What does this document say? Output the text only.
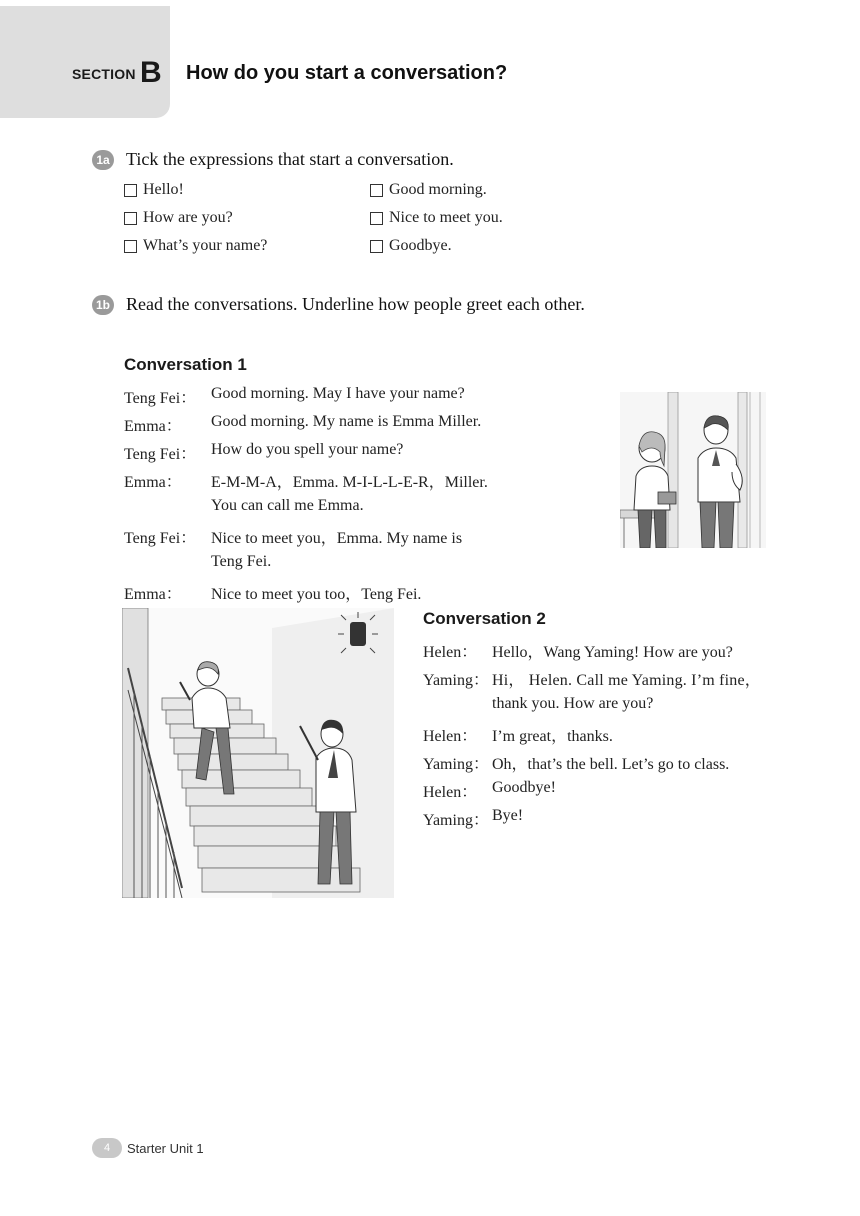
SECTION B How do you start a conversation?
1a Tick the expressions that start a conversation.
Hello!	Good morning.
How are you?	Nice to meet you.
What’s your name?	Goodbye.
1b Read the conversations. Underline how people greet each other.
Conversation 1
Teng Fei： Good morning. May I have your name?
Emma： Good morning. My name is Emma Miller.
Teng Fei： How do you spell your name?
Emma： E-M-M-A，Emma. M-I-L-L-E-R，Miller.
You can call me Emma.
Teng Fei： Nice to meet you，Emma. My name is
Teng Fei.
Emma： Nice to meet you too，Teng Fei.
Conversation 2
Helen： Hello，Wang Yaming! How are you?
Yaming： Hi， Helen. Call me Yaming. I’m fine，
thank you. How are you?
Helen： I’m great，thanks.
Yaming： Oh，that’s the bell. Let’s go to class.
Helen： Goodbye!
Yaming： Bye!
4	Starter Unit 1
